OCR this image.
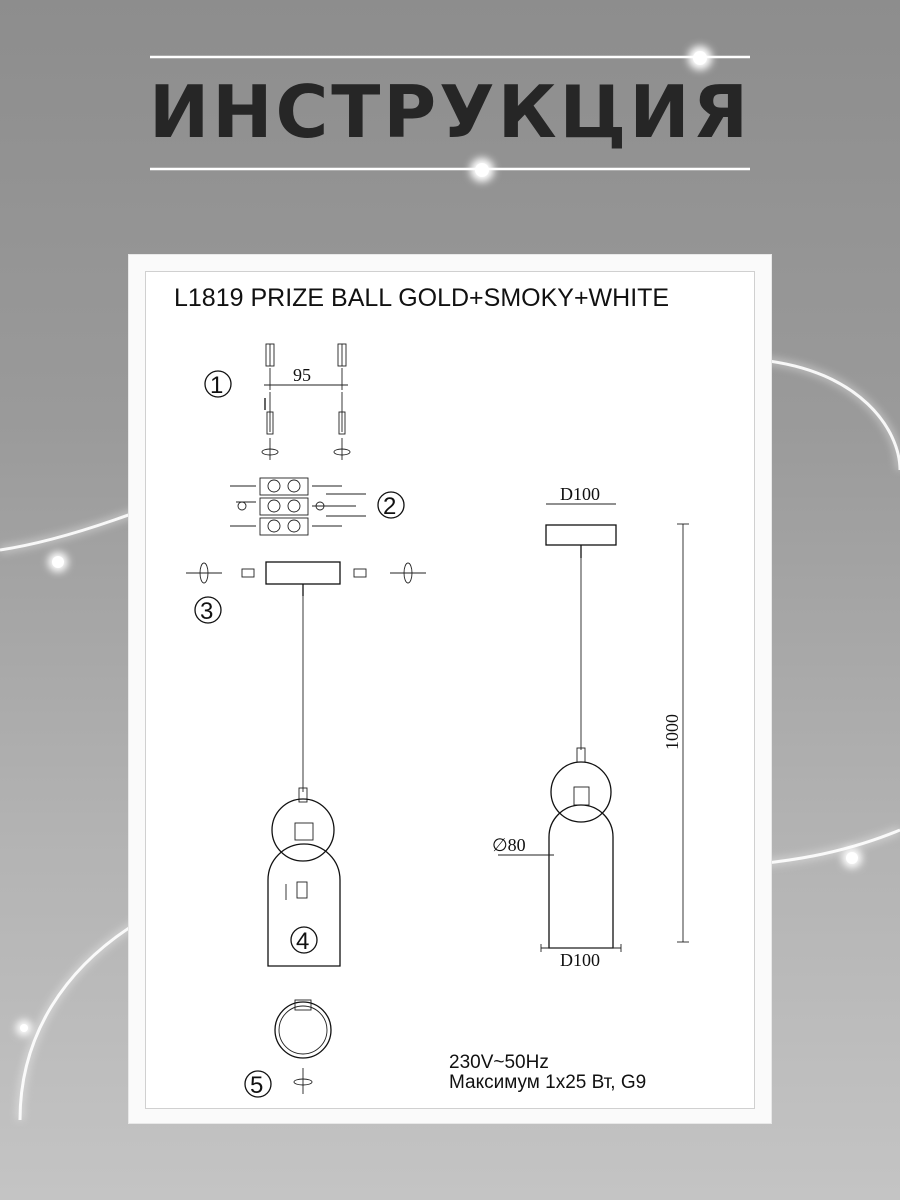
ИНСТРУКЦИЯ
1	95
2
3
4
5
D100
D100
∅80
1000
L1819 PRIZE BALL GOLD+SMOKY+WHITE
230V~50Hz
Максимум 1x25 Вт, G9
